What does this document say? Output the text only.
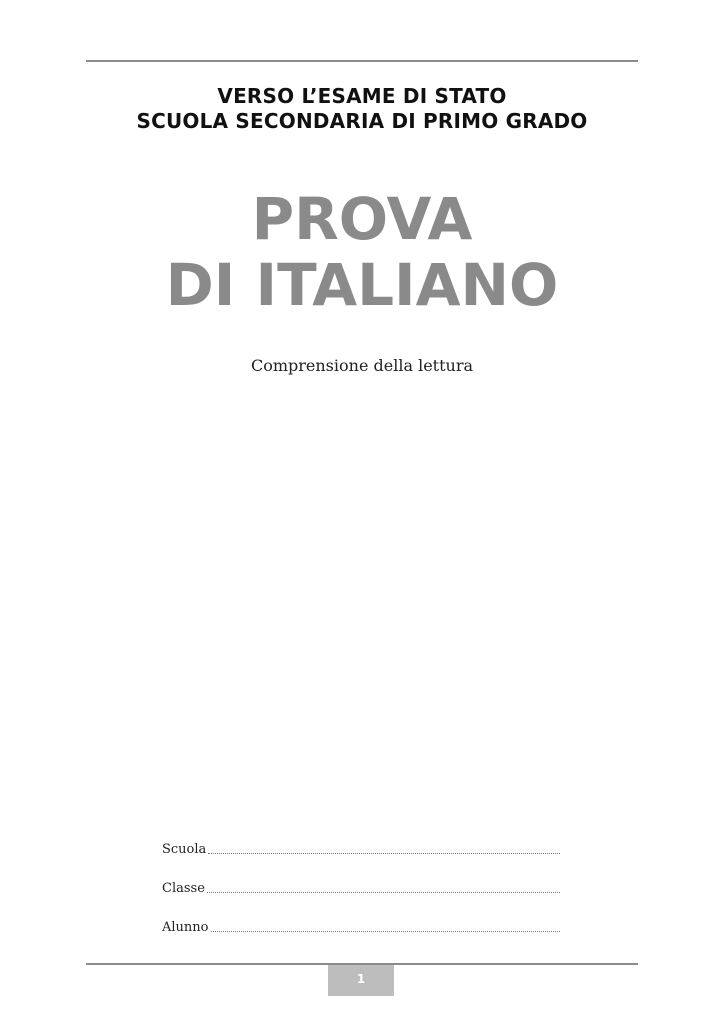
VERSO L’ESAME DI STATO
SCUOLA SECONDARIA DI PRIMO GRADO
PROVA
DI ITALIANO
Comprensione della lettura
Scuola
Classe
Alunno
1
